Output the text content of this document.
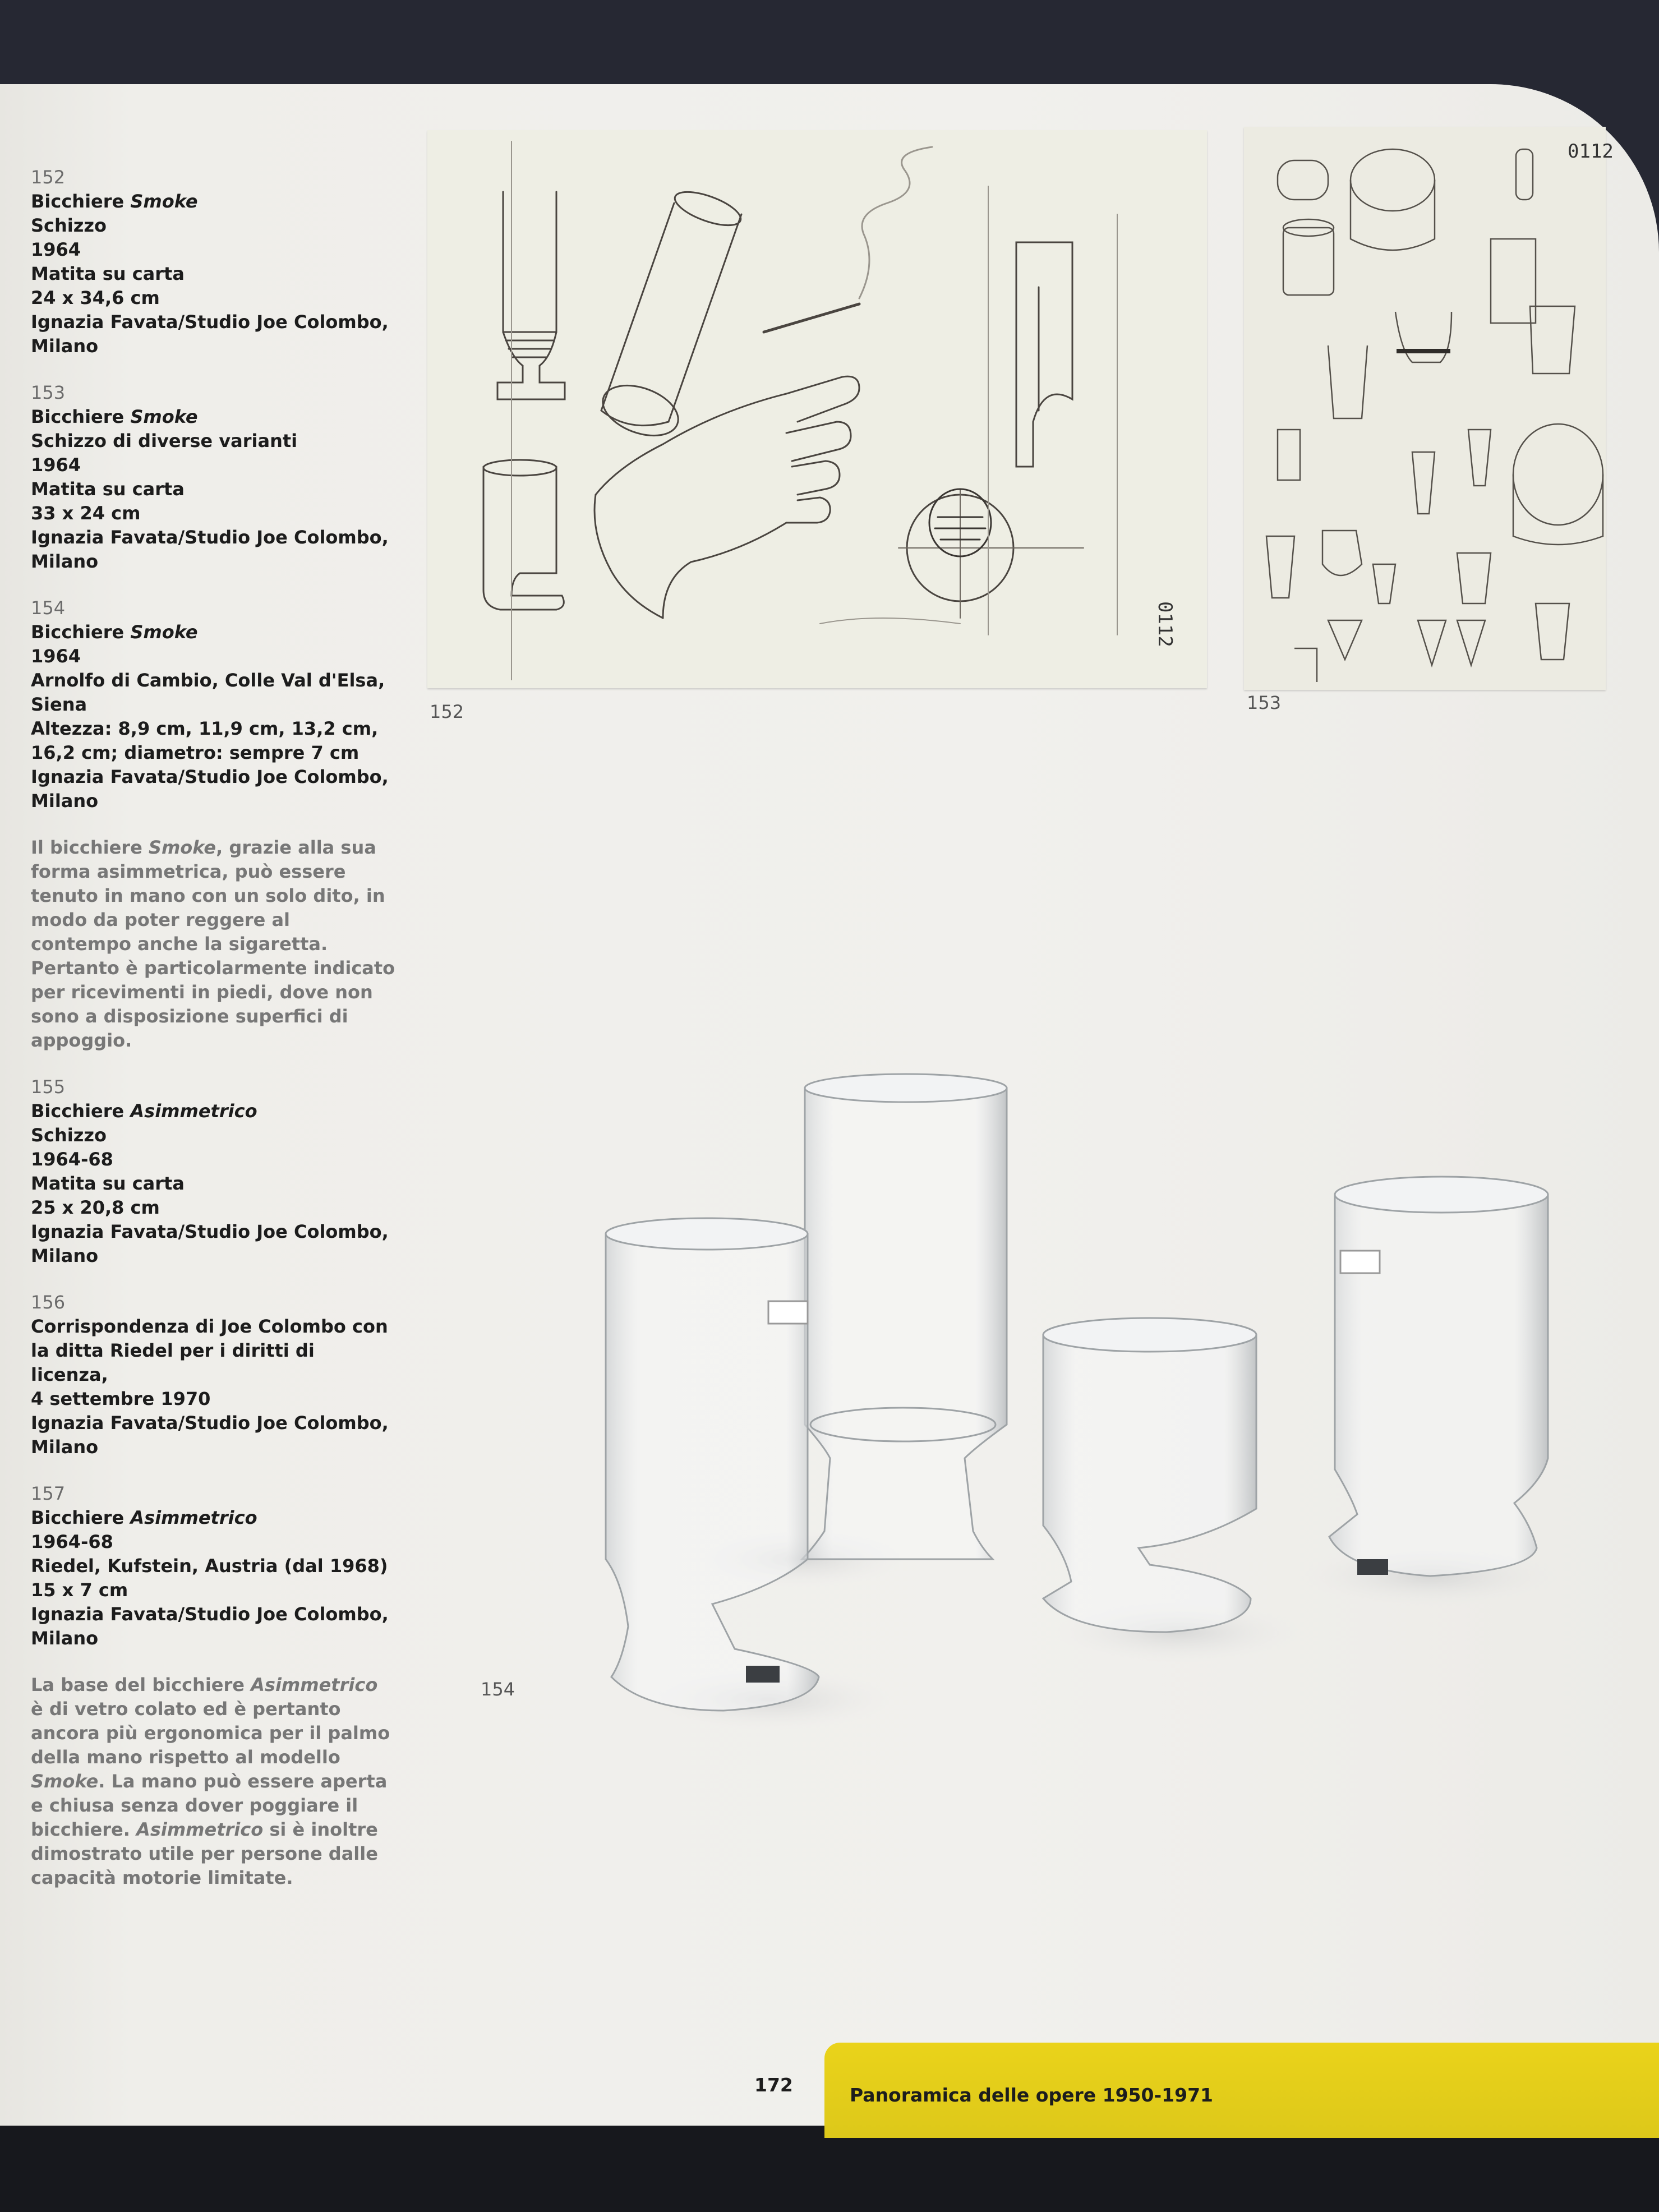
152
Bicchiere Smoke
Schizzo
1964
Matita su carta
24 x 34,6 cm
Ignazia Favata/Studio Joe Colombo,
Milano
153
Bicchiere Smoke
Schizzo di diverse varianti
1964
Matita su carta
33 x 24 cm
Ignazia Favata/Studio Joe Colombo,
Milano
154
Bicchiere Smoke
1964
Arnolfo di Cambio, Colle Val d'Elsa,
Siena
Altezza: 8,9 cm, 11,9 cm, 13,2 cm,
16,2 cm; diametro: sempre 7 cm
Ignazia Favata/Studio Joe Colombo,
Milano
Il bicchiere Smoke, grazie alla sua forma asimmetrica, può essere tenuto in mano con un solo dito, in modo da poter reggere al contempo anche la sigaretta. Pertanto è particolarmente indicato per ricevimenti in piedi, dove non sono a disposizione superfici di appoggio.
155
Bicchiere Asimmetrico
Schizzo
1964-68
Matita su carta
25 x 20,8 cm
Ignazia Favata/Studio Joe Colombo,
Milano
156
Corrispondenza di Joe Colombo con
la ditta Riedel per i diritti di licenza,
4 settembre 1970
Ignazia Favata/Studio Joe Colombo,
Milano
157
Bicchiere Asimmetrico
1964-68
Riedel, Kufstein, Austria (dal 1968)
15 x 7 cm
Ignazia Favata/Studio Joe Colombo,
Milano
La base del bicchiere Asimmetrico è di vetro colato ed è pertanto ancora più ergonomica per il palmo della mano rispetto al modello Smoke. La mano può essere aperta e chiusa senza dover poggiare il bicchiere. Asimmetrico si è inoltre dimostrato utile per persone dalle capacità motorie limitate.
0112
152
0112
153
154
172	Panoramica delle opere 1950-1971
